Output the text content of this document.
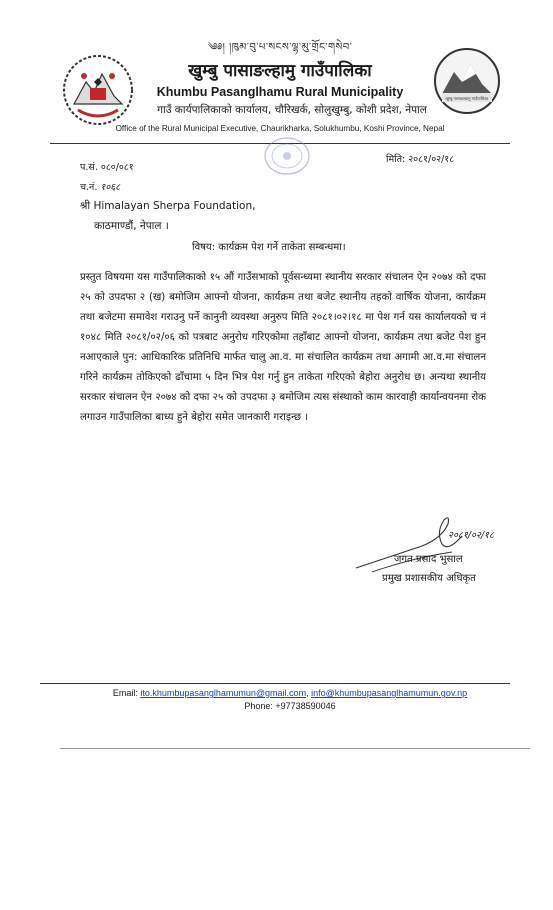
खुम्बु पासाङल्हामु गाउँपालिका
༄༅། །ཁུམ་བུ་པ་སངས་ལྷ་མུ་གྲོང་གསེབ་
खुम्बु पासाङल्हामु गाउँपालिका
Khumbu Pasanglhamu Rural Municipality
गाउँ कार्यपालिकाको कार्यालय, चौरिखर्क, सोलुखुम्बु, कोशी प्रदेश, नेपाल
Office of the Rural Municipal Executive, Chaurikharka, Solukhumbu, Koshi Province, Nepal
प.सं. ०८०/०८१
च.नं. १०६८
मिति: २०८१/०२/१८
श्री Himalayan Sherpa Foundation,
काठमाण्डौं, नेपाल ।
विषय: कार्यक्रम पेश गर्ने ताकेता सम्बन्धमा।
प्रस्तुत विषयमा यस गाउँपालिकाको १५ औं गाउँसभाको पूर्वसन्ध्यमा स्थानीय सरकार संचालन ऐन २०७४ को दफा २५ को उपदफा २ (ख) बमोजिम आफ्नो योजना, कार्यक्रम तथा बजेट स्थानीय तहको वार्षिक योजना, कार्यक्रम तथा बजेटमा समावेश गराउनु पर्ने कानुनी व्यवस्था अनुरुप मिति २०८१।०२।१८ मा पेश गर्न यस कार्यालयको च नं १०४८ मिति २०८१/०२/०६ को पत्रबाट अनुरोध गरिएकोमा तहाँबाट आफ्नो योजना, कार्यक्रम तथा बजेट पेश हुन नआएकाले पुन: आधिकारिक प्रतिनिधि मार्फत चालु आ.व. मा संचालित कार्यक्रम तथा अगामी आ.व.मा संचालन गरिने कार्यक्रम तोकिएको ढाँचामा ५ दिन भित्र पेश गर्नु हुन ताकेता गरिएको बेहोरा अनुरोध छ। अन्यथा स्थानीय सरकार संचालन ऐन २०७४ को दफा २५ को उपदफा ३ बमोजिम त्यस संस्थाको काम कारवाही कार्यान्वयनमा रोक लगाउन गाउँपालिका बाध्य हुने बेहोरा समेत जानकारी गराइन्छ ।
२०८१/०२/१८
जगत प्रसाद भुसाल
प्रमुख प्रशासकीय अधिकृत
Email: ito.khumbupasanglhamumun@gmail.com, info@khumbupasanglhamumun.gov.np
Phone: +97738590046
